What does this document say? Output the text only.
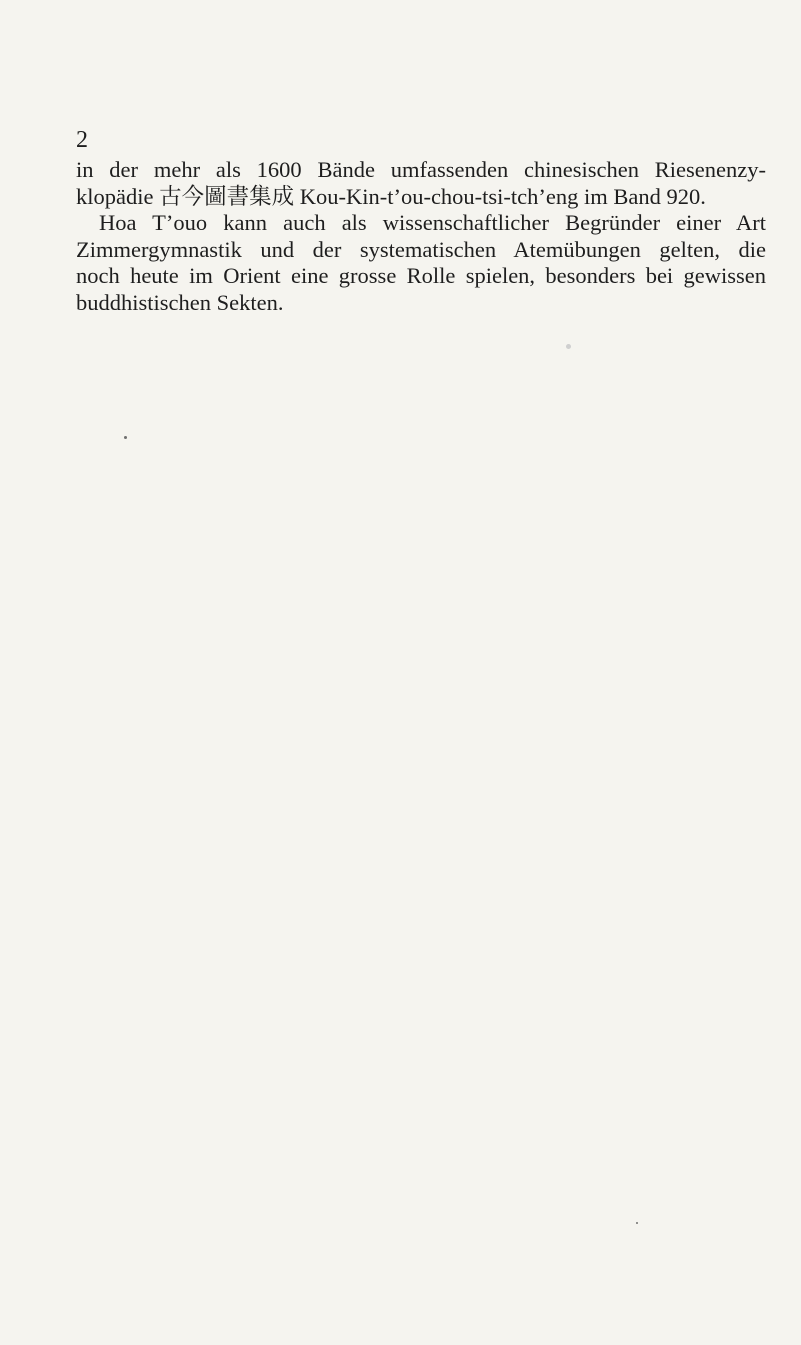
2
in der mehr als 1600 Bände umfassenden chinesischen Riesenenzy-
klopädie 古今圖書集成 Kou-Kin-t’ou-chou-tsi-tch’eng im Band 920.
Hoa T’ouo kann auch als wissenschaftlicher Begründer einer Art
Zimmergymnastik und der systematischen Atemübungen gelten, die
noch heute im Orient eine grosse Rolle spielen, besonders bei gewissen
buddhistischen Sekten.
